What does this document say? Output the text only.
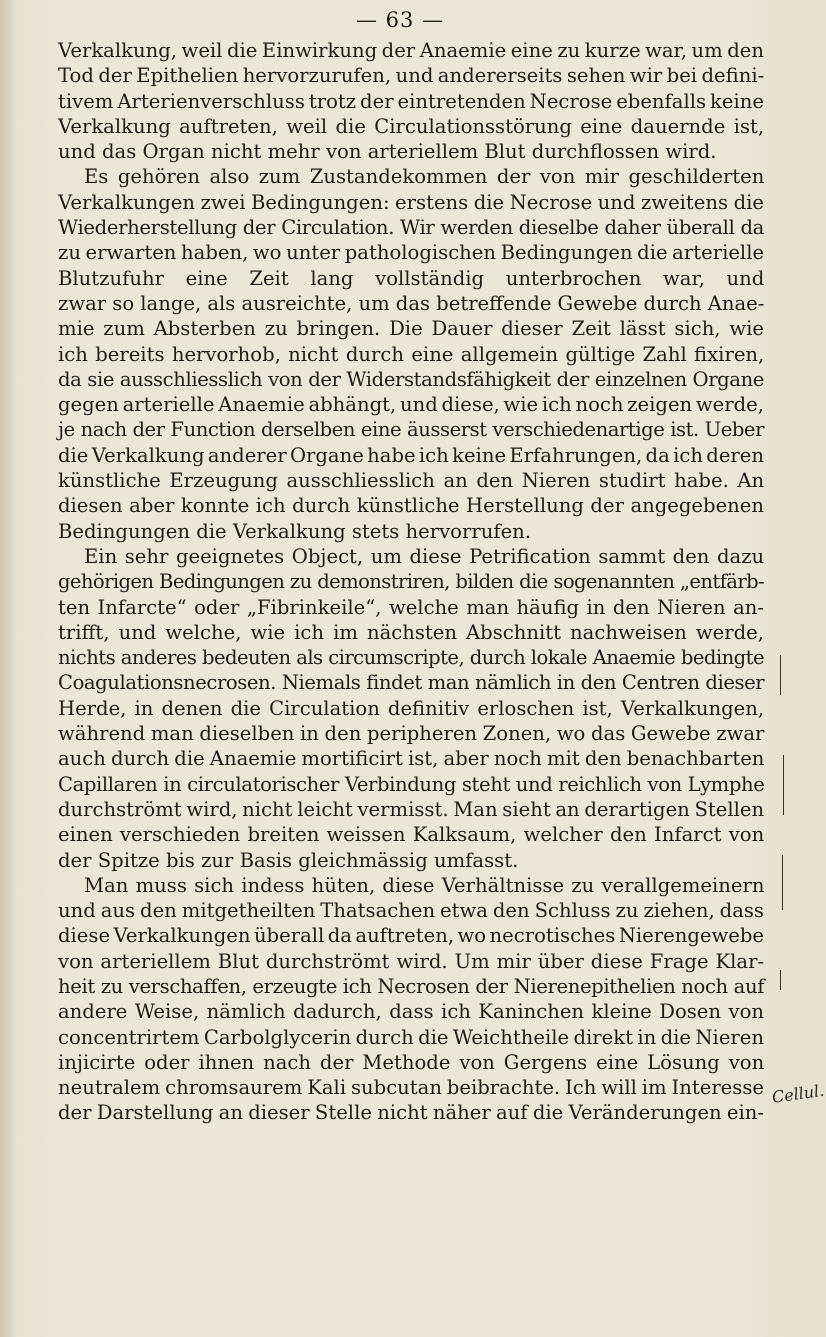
— 63 —
Verkalkung, weil die Einwirkung der Anaemie eine zu kurze war, um den
Tod der Epithelien hervorzurufen, und andererseits sehen wir bei defini-
tivem Arterienverschluss trotz der eintretenden Necrose ebenfalls keine
Verkalkung auftreten, weil die Circulationsstörung eine dauernde ist,
und das Organ nicht mehr von arteriellem Blut durchflossen wird.
Es gehören also zum Zustandekommen der von mir geschilderten
Verkalkungen zwei Bedingungen: erstens die Necrose und zweitens die
Wiederherstellung der Circulation. Wir werden dieselbe daher überall da
zu erwarten haben, wo unter pathologischen Bedingungen die arterielle
Blutzufuhr eine Zeit lang vollständig unterbrochen war, und
zwar so lange, als ausreichte, um das betreffende Gewebe durch Anae-
mie zum Absterben zu bringen. Die Dauer dieser Zeit lässt sich, wie
ich bereits hervorhob, nicht durch eine allgemein gültige Zahl fixiren,
da sie ausschliesslich von der Widerstandsfähigkeit der einzelnen Organe
gegen arterielle Anaemie abhängt, und diese, wie ich noch zeigen werde,
je nach der Function derselben eine äusserst verschiedenartige ist. Ueber
die Verkalkung anderer Organe habe ich keine Erfahrungen, da ich deren
künstliche Erzeugung ausschliesslich an den Nieren studirt habe. An
diesen aber konnte ich durch künstliche Herstellung der angegebenen
Bedingungen die Verkalkung stets hervorrufen.
Ein sehr geeignetes Object, um diese Petrification sammt den dazu
gehörigen Bedingungen zu demonstriren, bilden die sogenannten „entfärb-
ten Infarcte“ oder „Fibrinkeile“, welche man häufig in den Nieren an-
trifft, und welche, wie ich im nächsten Abschnitt nachweisen werde,
nichts anderes bedeuten als circumscripte, durch lokale Anaemie bedingte
Coagulationsnecrosen. Niemals findet man nämlich in den Centren dieser
Herde, in denen die Circulation definitiv erloschen ist, Verkalkungen,
während man dieselben in den peripheren Zonen, wo das Gewebe zwar
auch durch die Anaemie mortificirt ist, aber noch mit den benachbarten
Capillaren in circulatorischer Verbindung steht und reichlich von Lymphe
durchströmt wird, nicht leicht vermisst. Man sieht an derartigen Stellen
einen verschieden breiten weissen Kalksaum, welcher den Infarct von
der Spitze bis zur Basis gleichmässig umfasst.
Man muss sich indess hüten, diese Verhältnisse zu verallgemeinern
und aus den mitgetheilten Thatsachen etwa den Schluss zu ziehen, dass
diese Verkalkungen überall da auftreten, wo necrotisches Nierengewebe
von arteriellem Blut durchströmt wird. Um mir über diese Frage Klar-
heit zu verschaffen, erzeugte ich Necrosen der Nierenepithelien noch auf
andere Weise, nämlich dadurch, dass ich Kaninchen kleine Dosen von
concentrirtem Carbolglycerin durch die Weichtheile direkt in die Nieren
injicirte oder ihnen nach der Methode von Gergens eine Lösung von
neutralem chromsaurem Kali subcutan beibrachte. Ich will im Interesse
der Darstellung an dieser Stelle nicht näher auf die Veränderungen ein-
Cellul.
